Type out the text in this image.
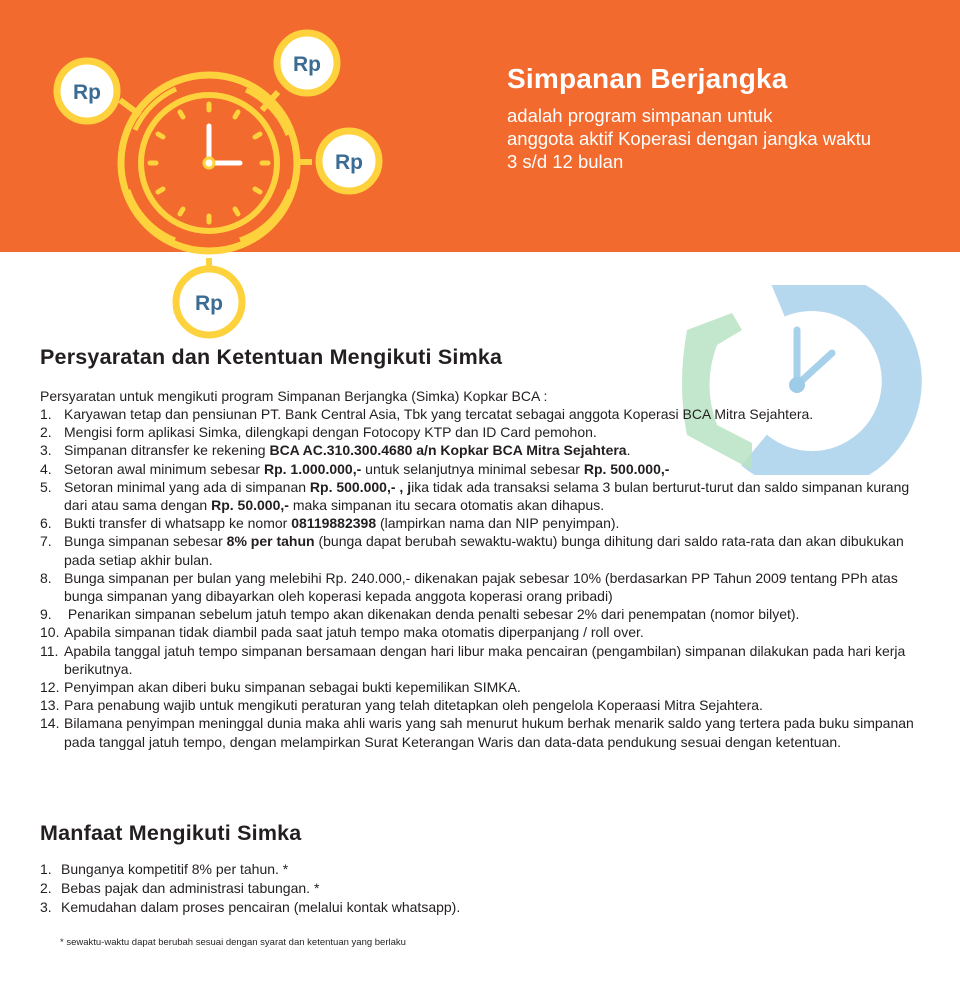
Rp
Rp
Rp
Rp
Simpanan Berjangka
adalah program simpanan untuk
anggota aktif Koperasi dengan jangka waktu
3 s/d 12 bulan
Persyaratan dan Ketentuan Mengikuti Simka
Persyaratan untuk mengikuti program Simpanan Berjangka (Simka) Kopkar BCA :
1. Karyawan tetap dan pensiunan PT. Bank Central Asia, Tbk yang tercatat sebagai anggota Koperasi BCA Mitra Sejahtera.
2. Mengisi form aplikasi Simka, dilengkapi dengan Fotocopy KTP dan ID Card pemohon.
3. Simpanan ditransfer ke rekening BCA AC.310.300.4680 a/n Kopkar BCA Mitra Sejahtera.
4. Setoran awal minimum sebesar Rp. 1.000.000,- untuk selanjutnya minimal sebesar Rp. 500.000,-
5. Setoran minimal yang ada di simpanan Rp. 500.000,- , jika tidak ada transaksi selama 3 bulan berturut-turut dan saldo simpanan kurang dari atau sama dengan Rp. 50.000,- maka simpanan itu secara otomatis akan dihapus.
6. Bukti transfer di whatsapp ke nomor 08119882398 (lampirkan nama dan NIP penyimpan).
7. Bunga simpanan sebesar 8% per tahun (bunga dapat berubah sewaktu-waktu) bunga dihitung dari saldo rata-rata dan akan dibukukan pada setiap akhir bulan.
8. Bunga simpanan per bulan yang melebihi Rp. 240.000,- dikenakan pajak sebesar 10% (berdasarkan PP Tahun 2009 tentang PPh atas bunga simpanan yang dibayarkan oleh koperasi kepada anggota koperasi orang pribadi)
9. Penarikan simpanan sebelum jatuh tempo akan dikenakan denda penalti sebesar 2% dari penempatan (nomor bilyet).
10. Apabila simpanan tidak diambil pada saat jatuh tempo maka otomatis diperpanjang / roll over.
11. Apabila tanggal jatuh tempo simpanan bersamaan dengan hari libur maka pencairan (pengambilan) simpanan dilakukan pada hari kerja berikutnya.
12. Penyimpan akan diberi buku simpanan sebagai bukti kepemilikan SIMKA.
13. Para penabung wajib untuk mengikuti peraturan yang telah ditetapkan oleh pengelola Koperaasi Mitra Sejahtera.
14. Bilamana penyimpan meninggal dunia maka ahli waris yang sah menurut hukum berhak menarik saldo yang tertera pada buku simpanan pada tanggal jatuh tempo, dengan melampirkan Surat Keterangan Waris dan data-data pendukung sesuai dengan ketentuan.
Manfaat Mengikuti Simka
1. Bunganya kompetitif 8% per tahun. *
2. Bebas pajak dan administrasi tabungan. *
3. Kemudahan dalam proses pencairan (melalui kontak whatsapp).
* sewaktu-waktu dapat berubah sesuai dengan syarat dan ketentuan yang berlaku
